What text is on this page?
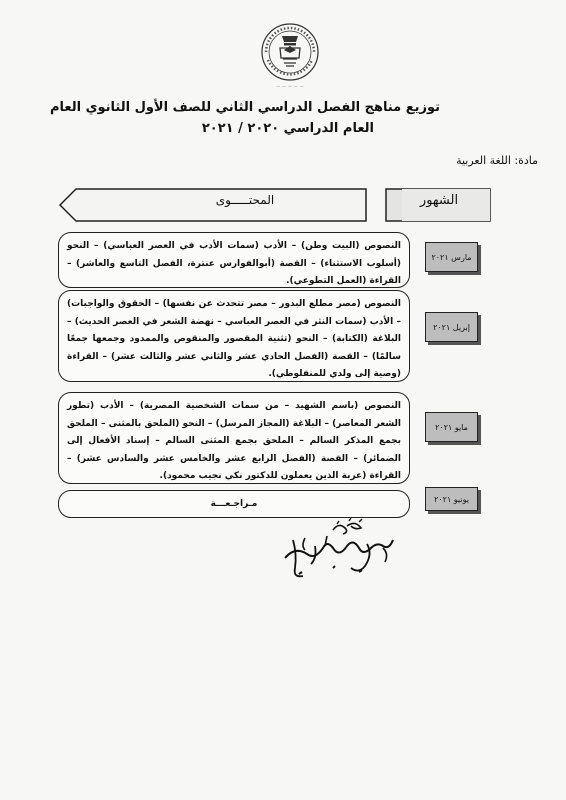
— — — — —
توزيع مناهج الفصل الدراسي الثاني للصف الأول الثانوي العام
العام الدراسي ٢٠٢٠ / ٢٠٢١
مادة: اللغة العربية
الشهور
المحتـــــوى
النصوص (البيت وطن) – الأدب (سمات الأدب في العصر العباسي) – النحو (أسلوب الاستثناء) – القصة (أبوالفوارس عنترة، الفصل التاسع والعاشر) – القراءة (العمل التطوعي).
مارس ٢٠٢١
النصوص (مصر مطلع البدور – مصر تتحدث عن نفسها) – الحقوق والواجبات) – الأدب (سمات النثر في العصر العباسي – نهضة الشعر في العصر الحديث) – البلاغة (الكتابة) – النحو (تثنية المقصور والمنقوص والممدود وجمعها جمعًا سالمًا) – القصة (الفصل الحادي عشر والثاني عشر والثالث عشر) – القراءة (وصية إلى ولدي للمنفلوطي).
إبريل ٢٠٢١
النصوص (باسم الشهيد – من سمات الشخصية المصرية) – الأدب (تطور الشعر المعاصر) – البلاغة (المجاز المرسل) – النحو (الملحق بالمثنى – الملحق بجمع المذكر السالم – الملحق بجمع المثنى السالم – إسناد الأفعال إلى الضمائر) – القصة (الفصل الرابع عشر والخامس عشر والسادس عشر) – القراءة (عربة الذين يعملون للدكتور نكي نجيب محمود).
مايو ٢٠٢١
مـراجـعـــة	يونيو ٢٠٢١
